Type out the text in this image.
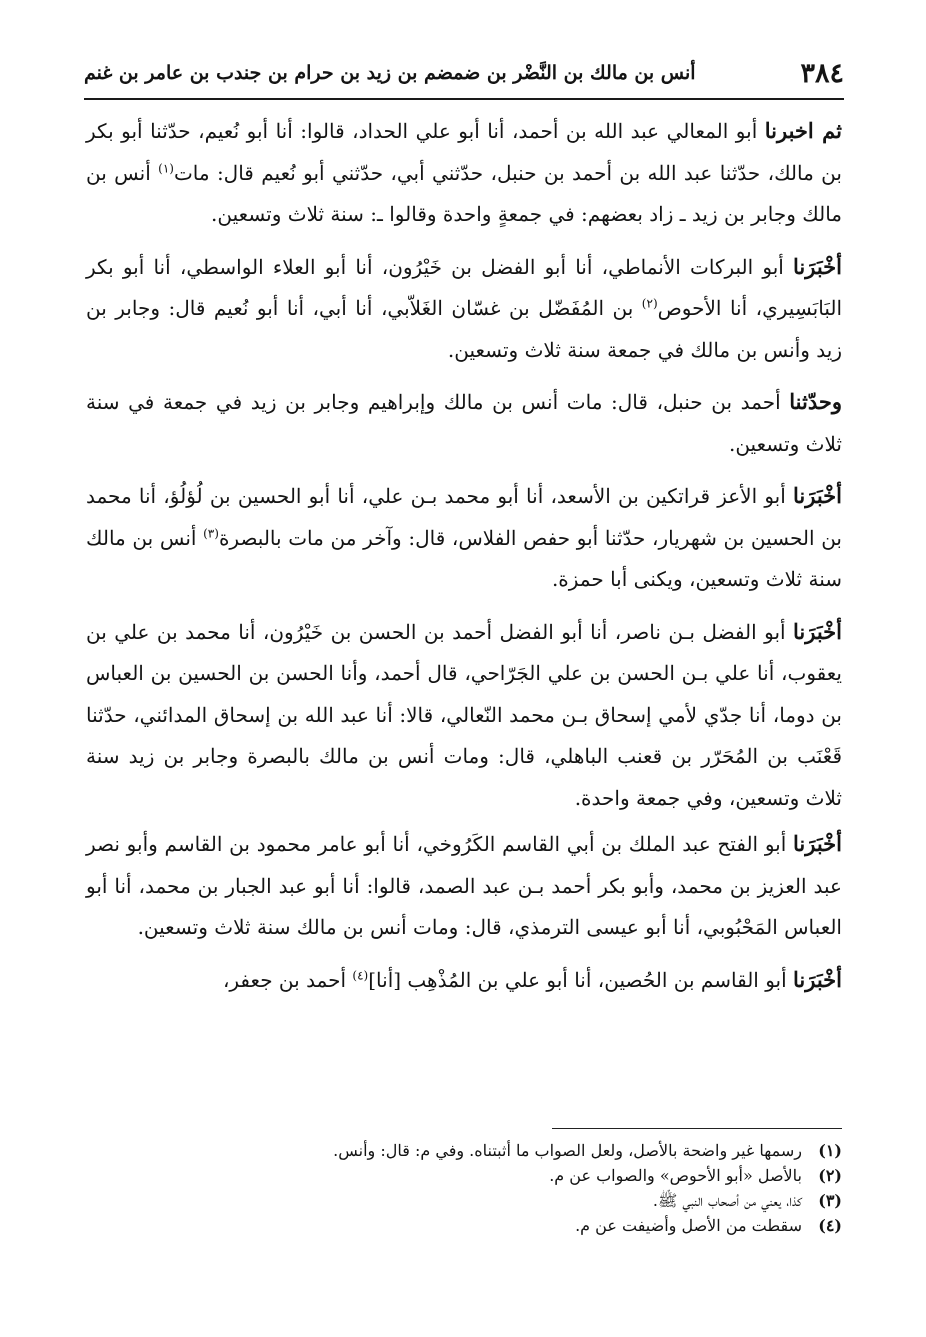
٣٨٤
أنس بن مالك بن النَّضْر بن ضمضم بن زيد بن حرام بن جندب بن عامر بن غنم

ثم اخبرنا أبو المعالي عبد الله بن أحمد، أنا أبو علي الحداد، قالوا: أنا أبو نُعيم، حدّثنا أبو بكر بن مالك، حدّثنا عبد الله بن أحمد بن حنبل، حدّثني أبي، حدّثني أبو نُعيم قال: مات$^{(١)}$ أنس بن مالك وجابر بن زيد ـ زاد بعضهم: في جمعةٍ واحدة وقالوا ـ: سنة ثلاث وتسعين.

أخْبَرَنا أبو البركات الأنماطي، أنا أبو الفضل بن خَيْرُون، أنا أبو العلاء الواسطي، أنا أبو بكر البَابَسِيري، أنا الأحوص$^{(٢)}$ بن المُفَضّل بن غسّان الغَلاّبي، أنا أبي، أنا أبو نُعيم قال: وجابر بن زيد وأنس بن مالك في جمعة سنة ثلاث وتسعين.

وحدّثنا أحمد بن حنبل، قال: مات أنس بن مالك وإبراهيم وجابر بن زيد في جمعة في سنة ثلاث وتسعين.

أخْبَرَنا أبو الأعز قراتكين بن الأسعد، أنا أبو محمد بـن علي، أنا أبو الحسين بن لُؤلُؤ، أنا محمد بن الحسين بن شهريار، حدّثنا أبو حفص الفلاس، قال: وآخر من مات بالبصرة$^{(٣)}$ أنس بن مالك سنة ثلاث وتسعين، ويكنى أبا حمزة.

أخْبَرَنا أبو الفضل بـن ناصر، أنا أبو الفضل أحمد بن الحسن بن خَيْرُون، أنا محمد بن علي بن يعقوب، أنا علي بـن الحسن بن علي الجَرّاحي، قال أحمد، وأنا الحسن بن الحسين بن العباس بن دوما، أنا جدّي لأمي إسحاق بـن محمد النّعالي، قالا: أنا عبد الله بن إسحاق المدائني، حدّثنا قَعْنَب بن المُحَرّر بن قعنب الباهلي، قال: ومات أنس بن مالك بالبصرة وجابر بن زيد سنة ثلاث وتسعين، وفي جمعة واحدة.

أخْبَرَنا أبو الفتح عبد الملك بن أبي القاسم الكَرُوخي، أنا أبو عامر محمود بن القاسم وأبو نصر عبد العزيز بن محمد، وأبو بكر أحمد بـن عبد الصمد، قالوا: أنا أبو عبد الجبار بن محمد، أنا أبو العباس المَحْبُوبي، أنا أبو عيسى الترمذي، قال: ومات أنس بن مالك سنة ثلاث وتسعين.

أخْبَرَنا أبو القاسم بن الحُصين، أنا أبو علي بن المُذْهِب [أنا]$^{(٤)}$ أحمد بن جعفر،

(١)رسمها غير واضحة بالأصل، ولعل الصواب ما أثبتناه. وفي م: قال: وأنس.
(٢)بالأصل «أبو الأحوص» والصواب عن م.
(٣)كذا، يعني من أصحاب النبي ﷺ.
(٤)سقطت من الأصل وأضيفت عن م.
